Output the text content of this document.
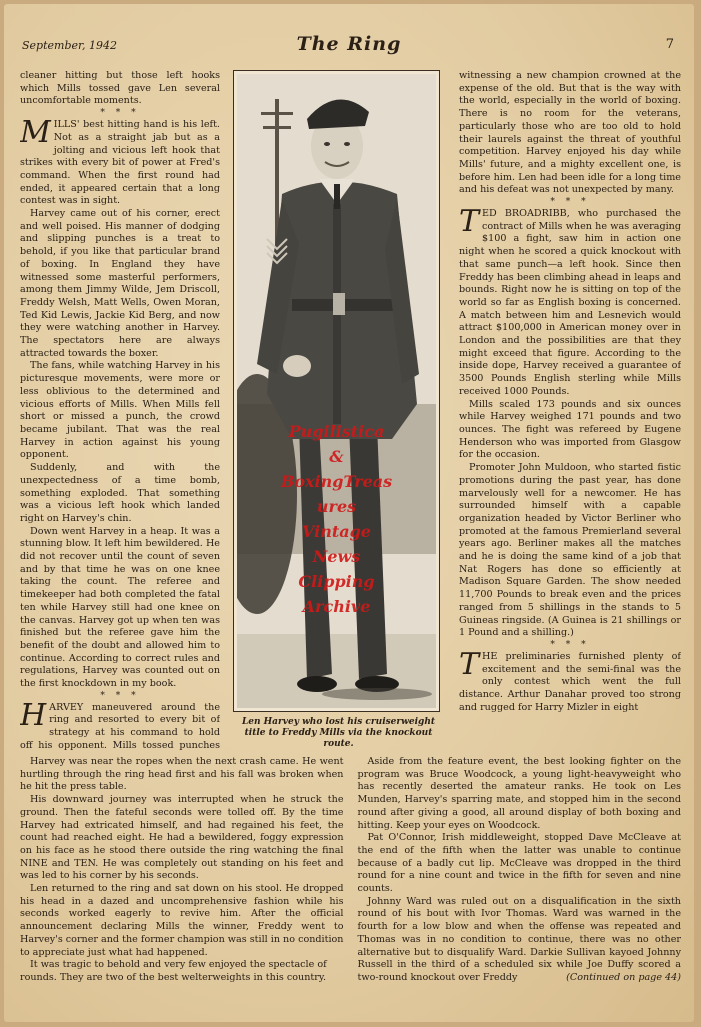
September, 1942	The Ring	7

cleaner hitting but those left hooks which Mills tossed gave Len several uncomfortable moments.

* * *

MILLS' best hitting hand is his left. Not as a straight jab but as a jolting and vicious left hook that strikes with every bit of power at Fred's command. When the first round had ended, it appeared certain that a long contest was in sight.

Harvey came out of his corner, erect and well poised. His manner of dodging and slipping punches is a treat to behold, if you like that particular brand of boxing. In England they have witnessed some masterful performers, among them Jimmy Wilde, Jem Driscoll, Freddy Welsh, Matt Wells, Owen Moran, Ted Kid Lewis, Jackie Kid Berg, and now they were watching another in Harvey. The spectators here are always attracted towards the boxer.

The fans, while watching Harvey in his picturesque movements, were more or less oblivious to the determined and vicious efforts of Mills. When Mills fell short or missed a punch, the crowd became jubilant. That was the real Harvey in action against his young opponent.

Suddenly, and with the unexpectedness of a time bomb, something exploded. That something was a vicious left hook which landed right on Harvey's chin.

Down went Harvey in a heap. It was a stunning blow. It left him bewildered. He did not recover until the count of seven and by that time he was on one knee taking the count. The referee and timekeeper had both completed the fatal ten while Harvey still had one knee on the canvas. Harvey got up when ten was finished but the referee gave him the benefit of the doubt and allowed him to continue. According to correct rules and regulations, Harvey was counted out on the first knockdown in my book.

* * *

HARVEY maneuvered around the ring and resorted to every bit of strategy at his command to hold off his opponent. Mills tossed punches

Pugilistica
&
BoxingTreas
ures
Vintage
News
Clipping
Archive
Len Harvey who lost his cruiserweight title to Freddy Mills via the knockout route.

witnessing a new champion crowned at the expense of the old. But that is the way with the world, especially in the world of boxing. There is no room for the veterans, particularly those who are too old to hold their laurels against the threat of youthful competition. Harvey enjoyed his day while Mills' future, and a mighty excellent one, is before him. Len had been idle for a long time and his defeat was not unexpected by many.

* * *

TED BROADRIBB, who purchased the contract of Mills when he was averaging $100 a fight, saw him in action one night when he scored a quick knockout with that same punch—a left hook. Since then Freddy has been climbing ahead in leaps and bounds. Right now he is sitting on top of the world so far as English boxing is concerned. A match between him and Lesnevich would attract $100,000 in American money over in London and the possibilities are that they might exceed that figure. According to the inside dope, Harvey received a guarantee of 3500 Pounds English sterling while Mills received 1000 Pounds.

Mills scaled 173 pounds and six ounces while Harvey weighed 171 pounds and two ounces. The fight was refereed by Eugene Henderson who was imported from Glasgow for the occasion.

Promoter John Muldoon, who started fistic promotions during the past year, has done marvelously well for a newcomer. He has surrounded himself with a capable organization headed by Victor Berliner who promoted at the famous Premierland several years ago. Berliner makes all the matches and he is doing the same kind of a job that Nat Rogers has done so efficiently at Madison Square Garden. The show needed 11,700 Pounds to break even and the prices ranged from 5 shillings in the stands to 5 Guineas ringside. (A Guinea is 21 shillings or 1 Pound and a shilling.)

* * *

THE preliminaries furnished plenty of excitement and the semi-final was the only contest which went the full distance. Arthur Danahar proved too strong and rugged for Harry Mizler in eight

Harvey was near the ropes when the next crash came. He went hurtling through the ring head first and his fall was broken when he hit the press table.

His downward journey was interrupted when he struck the ground. Then the fateful seconds were tolled off. By the time Harvey had extricated himself, and had regained his feet, the count had reached eight. He had a bewildered, foggy expression on his face as he stood there outside the ring watching the final NINE and TEN. He was completely out standing on his feet and was led to his corner by his seconds.

Len returned to the ring and sat down on his stool. He dropped his head in a dazed and uncomprehensive fashion while his seconds worked eagerly to revive him. After the official announcement declaring Mills the winner, Freddy went to Harvey's corner and the former champion was still in no condition to appreciate just what had happened.

It was tragic to behold and very few enjoyed the spectacle of

rounds. They are two of the best welterweights in this country.

Aside from the feature event, the best looking fighter on the program was Bruce Woodcock, a young light-heavyweight who has recently deserted the amateur ranks. He took on Les Munden, Harvey's sparring mate, and stopped him in the second round after giving a good, all around display of both boxing and hitting. Keep your eyes on Woodcock.

Pat O'Connor, Irish middleweight, stopped Dave McCleave at the end of the fifth when the latter was unable to continue because of a badly cut lip. McCleave was dropped in the third round for a nine count and twice in the fifth for seven and nine counts.

Johnny Ward was ruled out on a disqualification in the sixth round of his bout with Ivor Thomas. Ward was warned in the fourth for a low blow and when the offense was repeated and Thomas was in no condition to continue, there was no other alternative but to disqualify Ward. Darkie Sullivan kayoed Johnny Russell in the third of a scheduled six while Joe Duffy scored a two-round knockout over Freddy	(Continued on page 44)
